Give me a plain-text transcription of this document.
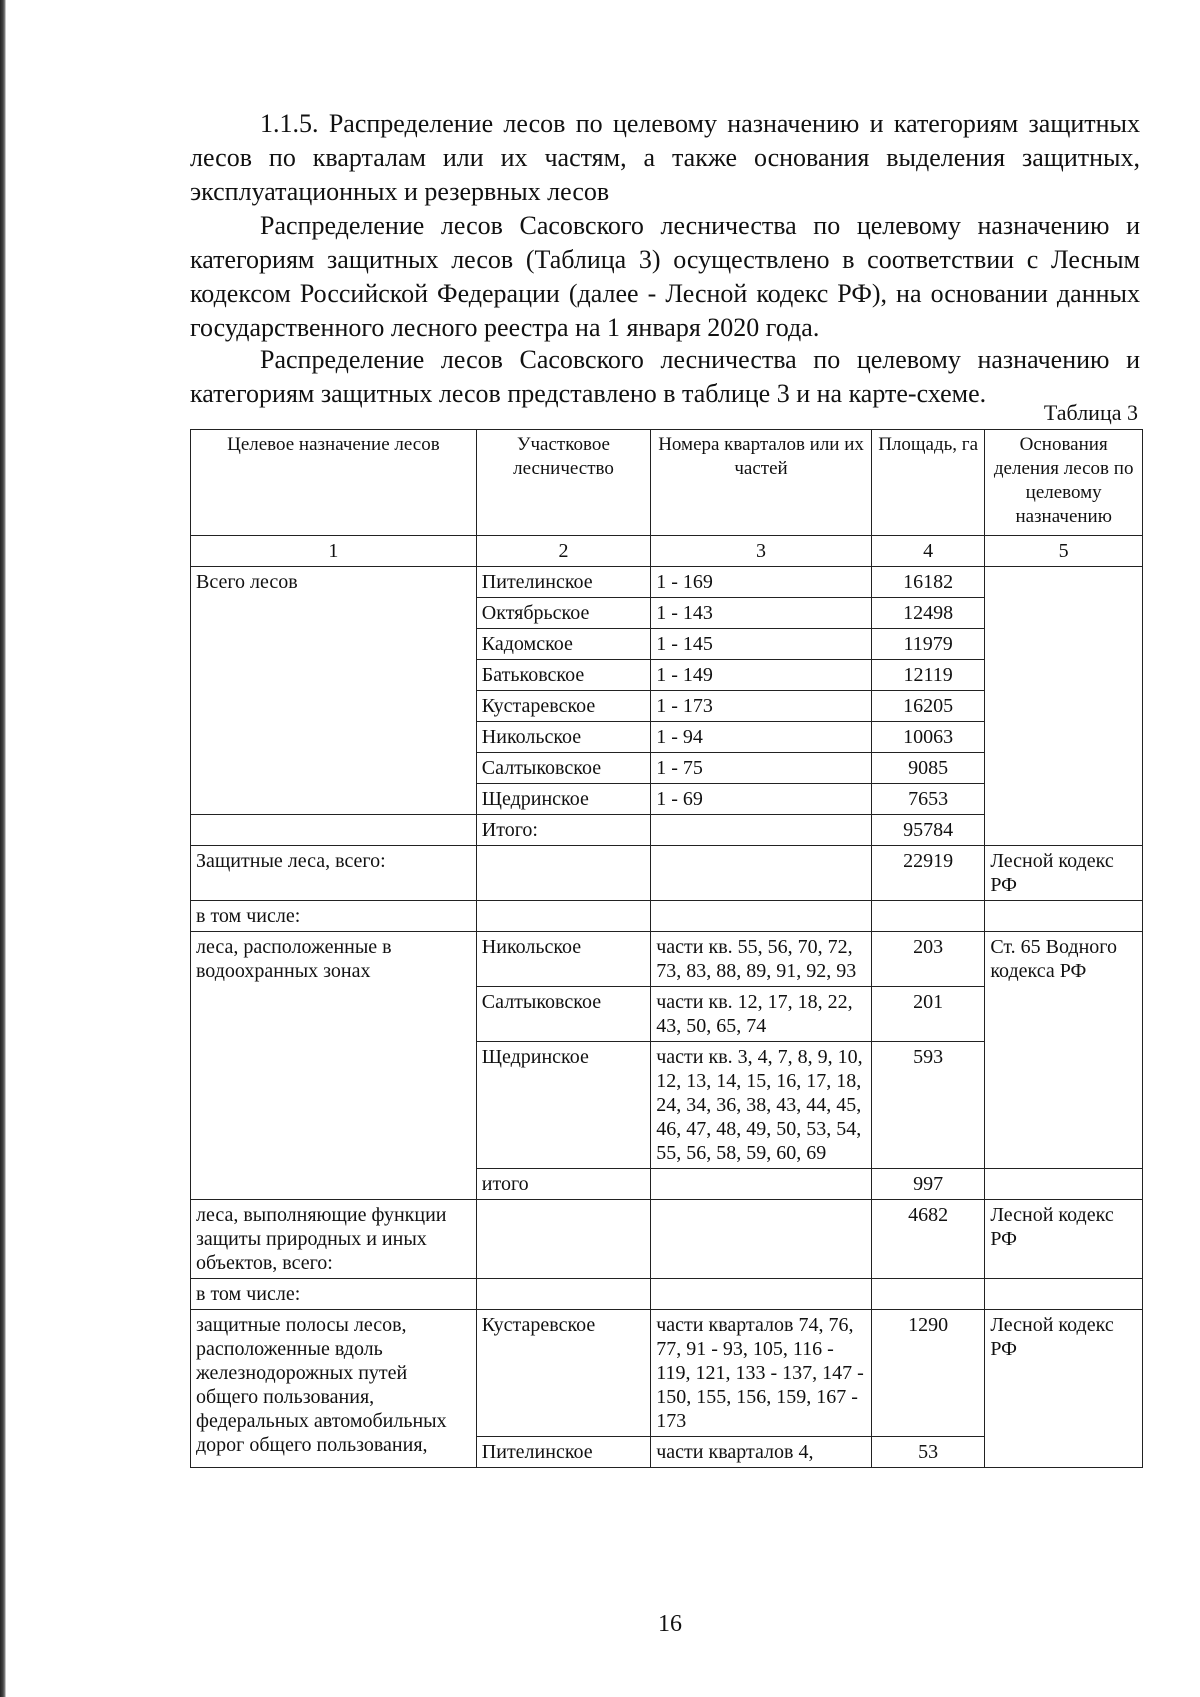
1.1.5. Распределение лесов по целевому назначению и категориям защитных лесов по кварталам или их частям, а также основания выделения защитных, эксплуатационных и резервных лесов

Распределение лесов Сасовского лесничества по целевому назначению и категориям защитных лесов (Таблица 3) осуществлено в соответствии с Лесным кодексом Российской Федерации (далее - Лесной кодекс РФ), на основании данных государственного лесного реестра на 1 января 2020 года.

Распределение лесов Сасовского лесничества по целевому назначению и категориям защитных лесов представлено в таблице 3 и на карте-схеме.

Таблица 3
Целевое назначение лесов	Участковое лесничество	Номера кварталов или их частей	Площадь, га	Основания деления лесов по целевому назначению
1	2	3	4	5
Всего лесов	Пителинское	1 - 169	16182	
	Октябрьское	1 - 143	12498	
	Кадомское	1 - 145	11979	
	Батьковское	1 - 149	12119	
	Кустаревское	1 - 173	16205	
	Никольское	1 - 94	10063	
	Салтыковское	1 - 75	9085	
	Щедринское	1 - 69	7653	
	Итого:		95784	
Защитные леса, всего:			22919	Лесной кодекс РФ
в том числе:				
леса, расположенные в водоохранных зонах	Никольское	части кв. 55, 56, 70, 72, 73, 83, 88, 89, 91, 92, 93	203	Ст. 65 Водного кодекса РФ
	Салтыковское	части кв. 12, 17, 18, 22, 43, 50, 65, 74	201	
	Щедринское	части кв. 3, 4, 7, 8, 9, 10, 12, 13, 14, 15, 16, 17, 18, 24, 34, 36, 38, 43, 44, 45, 46, 47, 48, 49, 50, 53, 54, 55, 56, 58, 59, 60, 69	593	
	итого		997	
леса, выполняющие функции защиты природных и иных объектов, всего:			4682	Лесной кодекс РФ
в том числе:				
защитные полосы лесов, расположенные вдоль железнодорожных путей общего пользования, федеральных автомобильных дорог общего пользования,	Кустаревское	части кварталов 74, 76, 77, 91 - 93, 105, 116 - 119, 121, 133 - 137, 147 - 150, 155, 156, 159, 167 - 173	1290	Лесной кодекс РФ
	Пителинское	части кварталов 4,	53	
16
